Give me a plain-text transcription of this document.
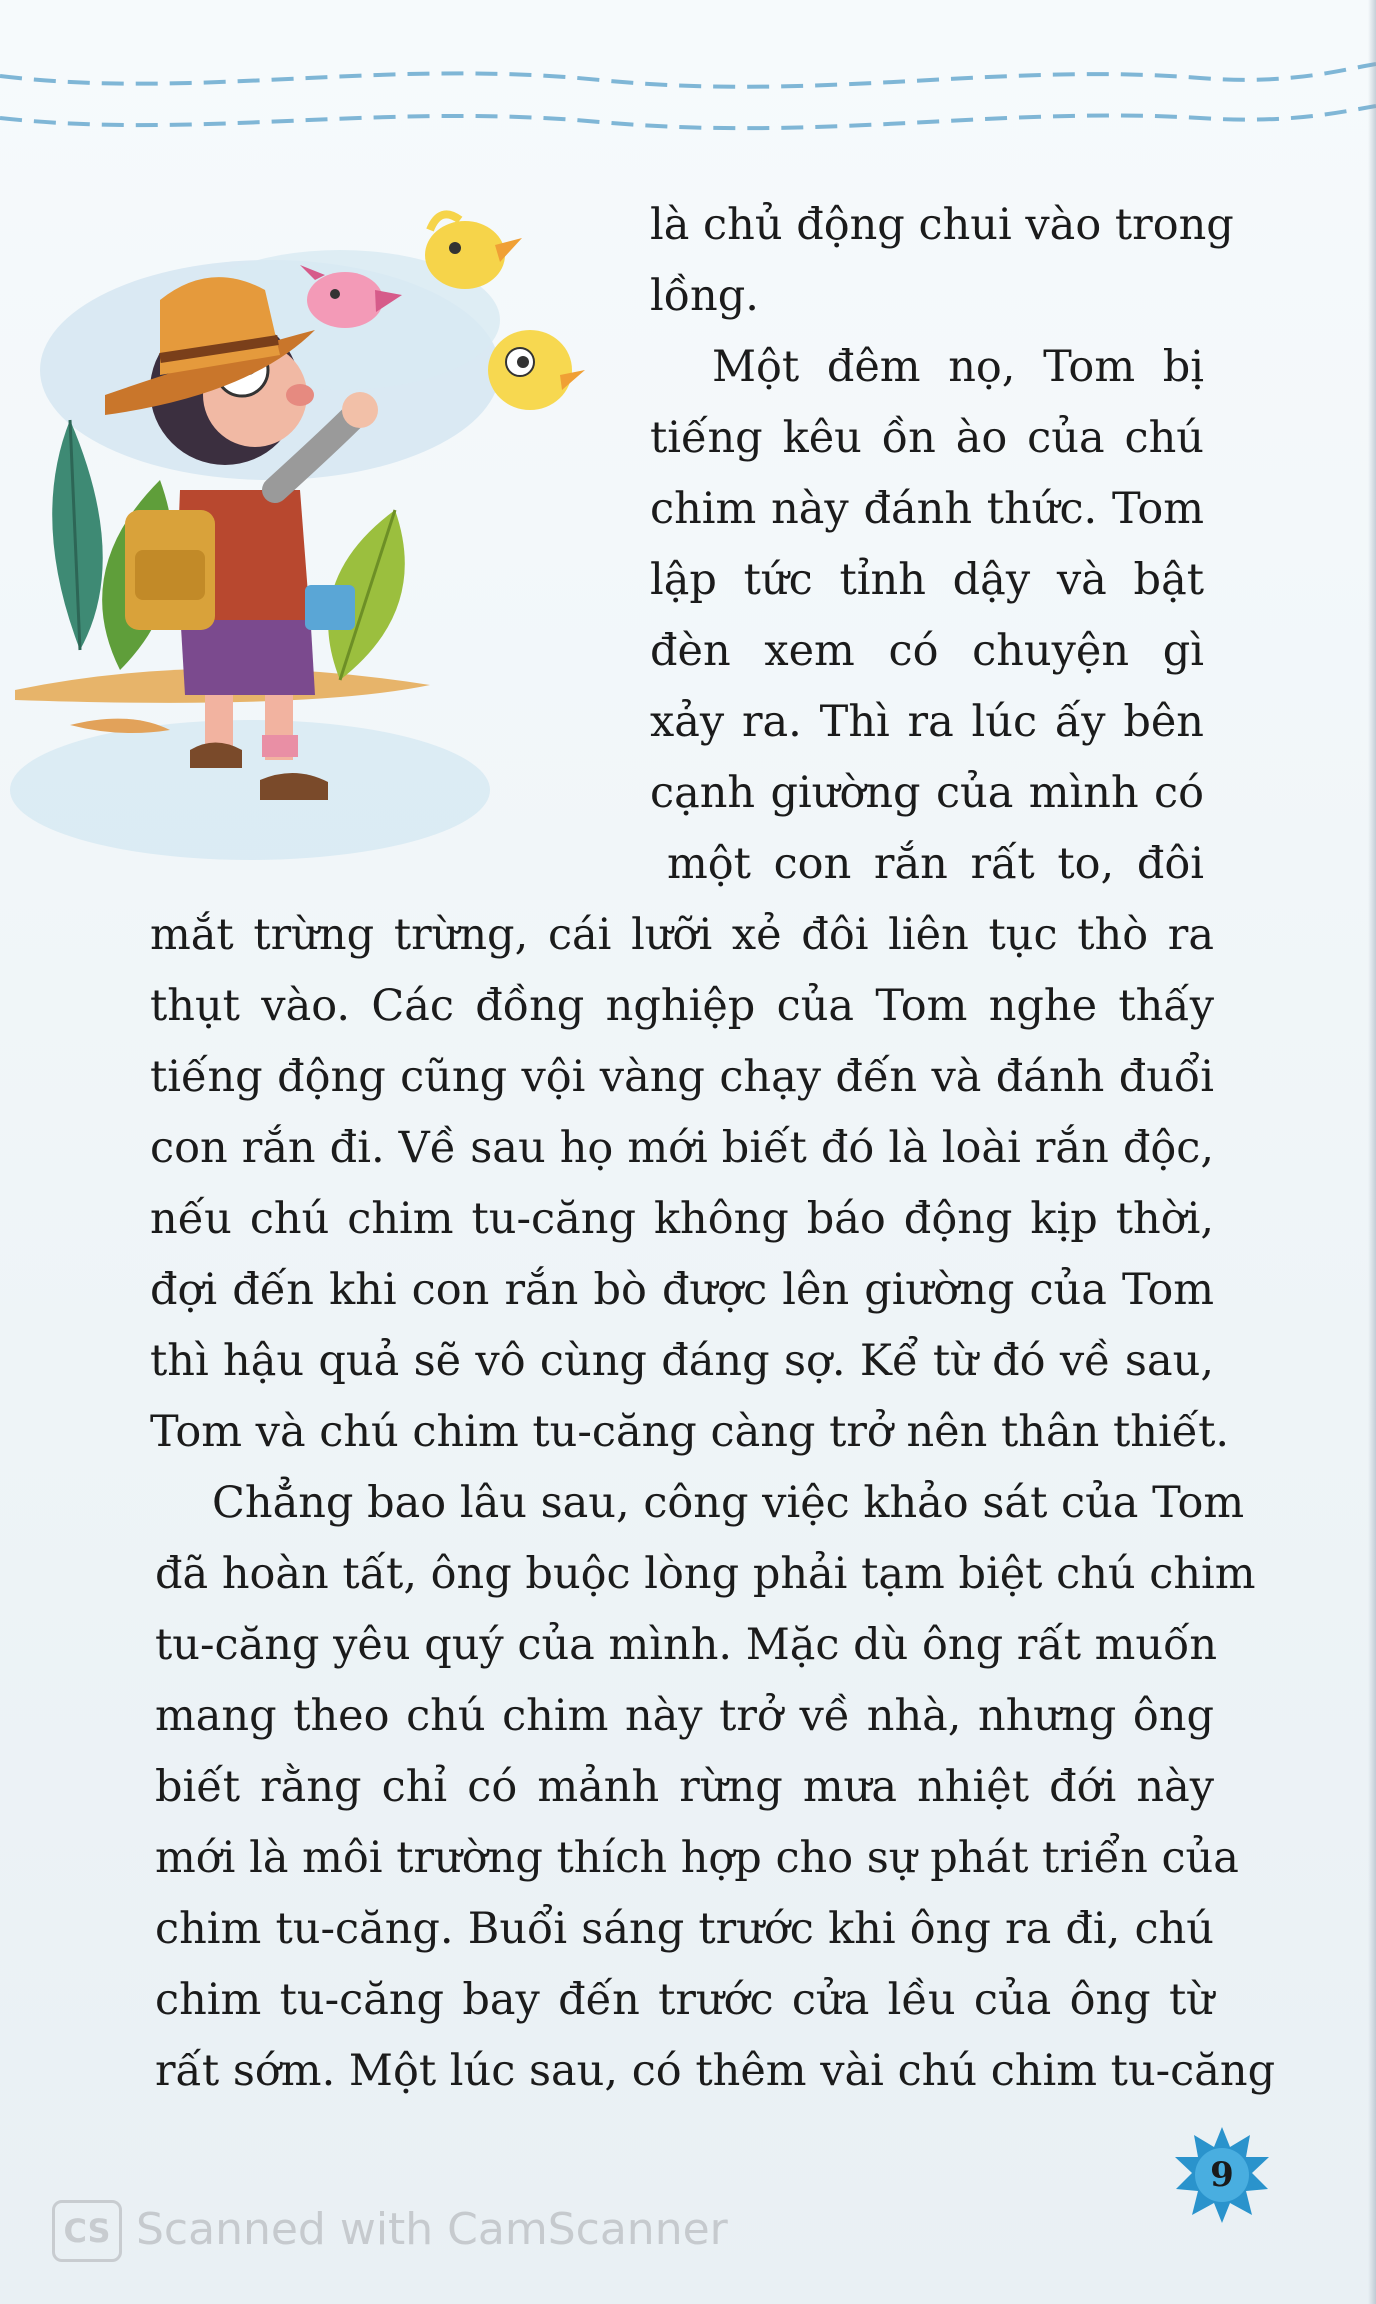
là chủ động chui vào trong

lồng.

Một đêm nọ, Tom bị

tiếng kêu ồn ào của chú

chim này đánh thức. Tom

lập tức tỉnh dậy và bật

đèn xem có chuyện gì

xảy ra. Thì ra lúc ấy bên

cạnh giường của mình có

một con rắn rất to, đôi

mắt trừng trừng, cái lưỡi xẻ đôi liên tục thò ra

thụt vào. Các đồng nghiệp của Tom nghe thấy

tiếng động cũng vội vàng chạy đến và đánh đuổi

con rắn đi. Về sau họ mới biết đó là loài rắn độc,

nếu chú chim tu-căng không báo động kịp thời,

đợi đến khi con rắn bò được lên giường của Tom

thì hậu quả sẽ vô cùng đáng sợ. Kể từ đó về sau,

Tom và chú chim tu-căng càng trở nên thân thiết.

Chẳng bao lâu sau, công việc khảo sát của Tom

đã hoàn tất, ông buộc lòng phải tạm biệt chú chim

tu-căng yêu quý của mình. Mặc dù ông rất muốn

mang theo chú chim này trở về nhà, nhưng ông

biết rằng chỉ có mảnh rừng mưa nhiệt đới này

mới là môi trường thích hợp cho sự phát triển của

chim tu-căng. Buổi sáng trước khi ông ra đi, chú

chim tu-căng bay đến trước cửa lều của ông từ

rất sớm. Một lúc sau, có thêm vài chú chim tu-căng

9
CS Scanned with CamScanner
